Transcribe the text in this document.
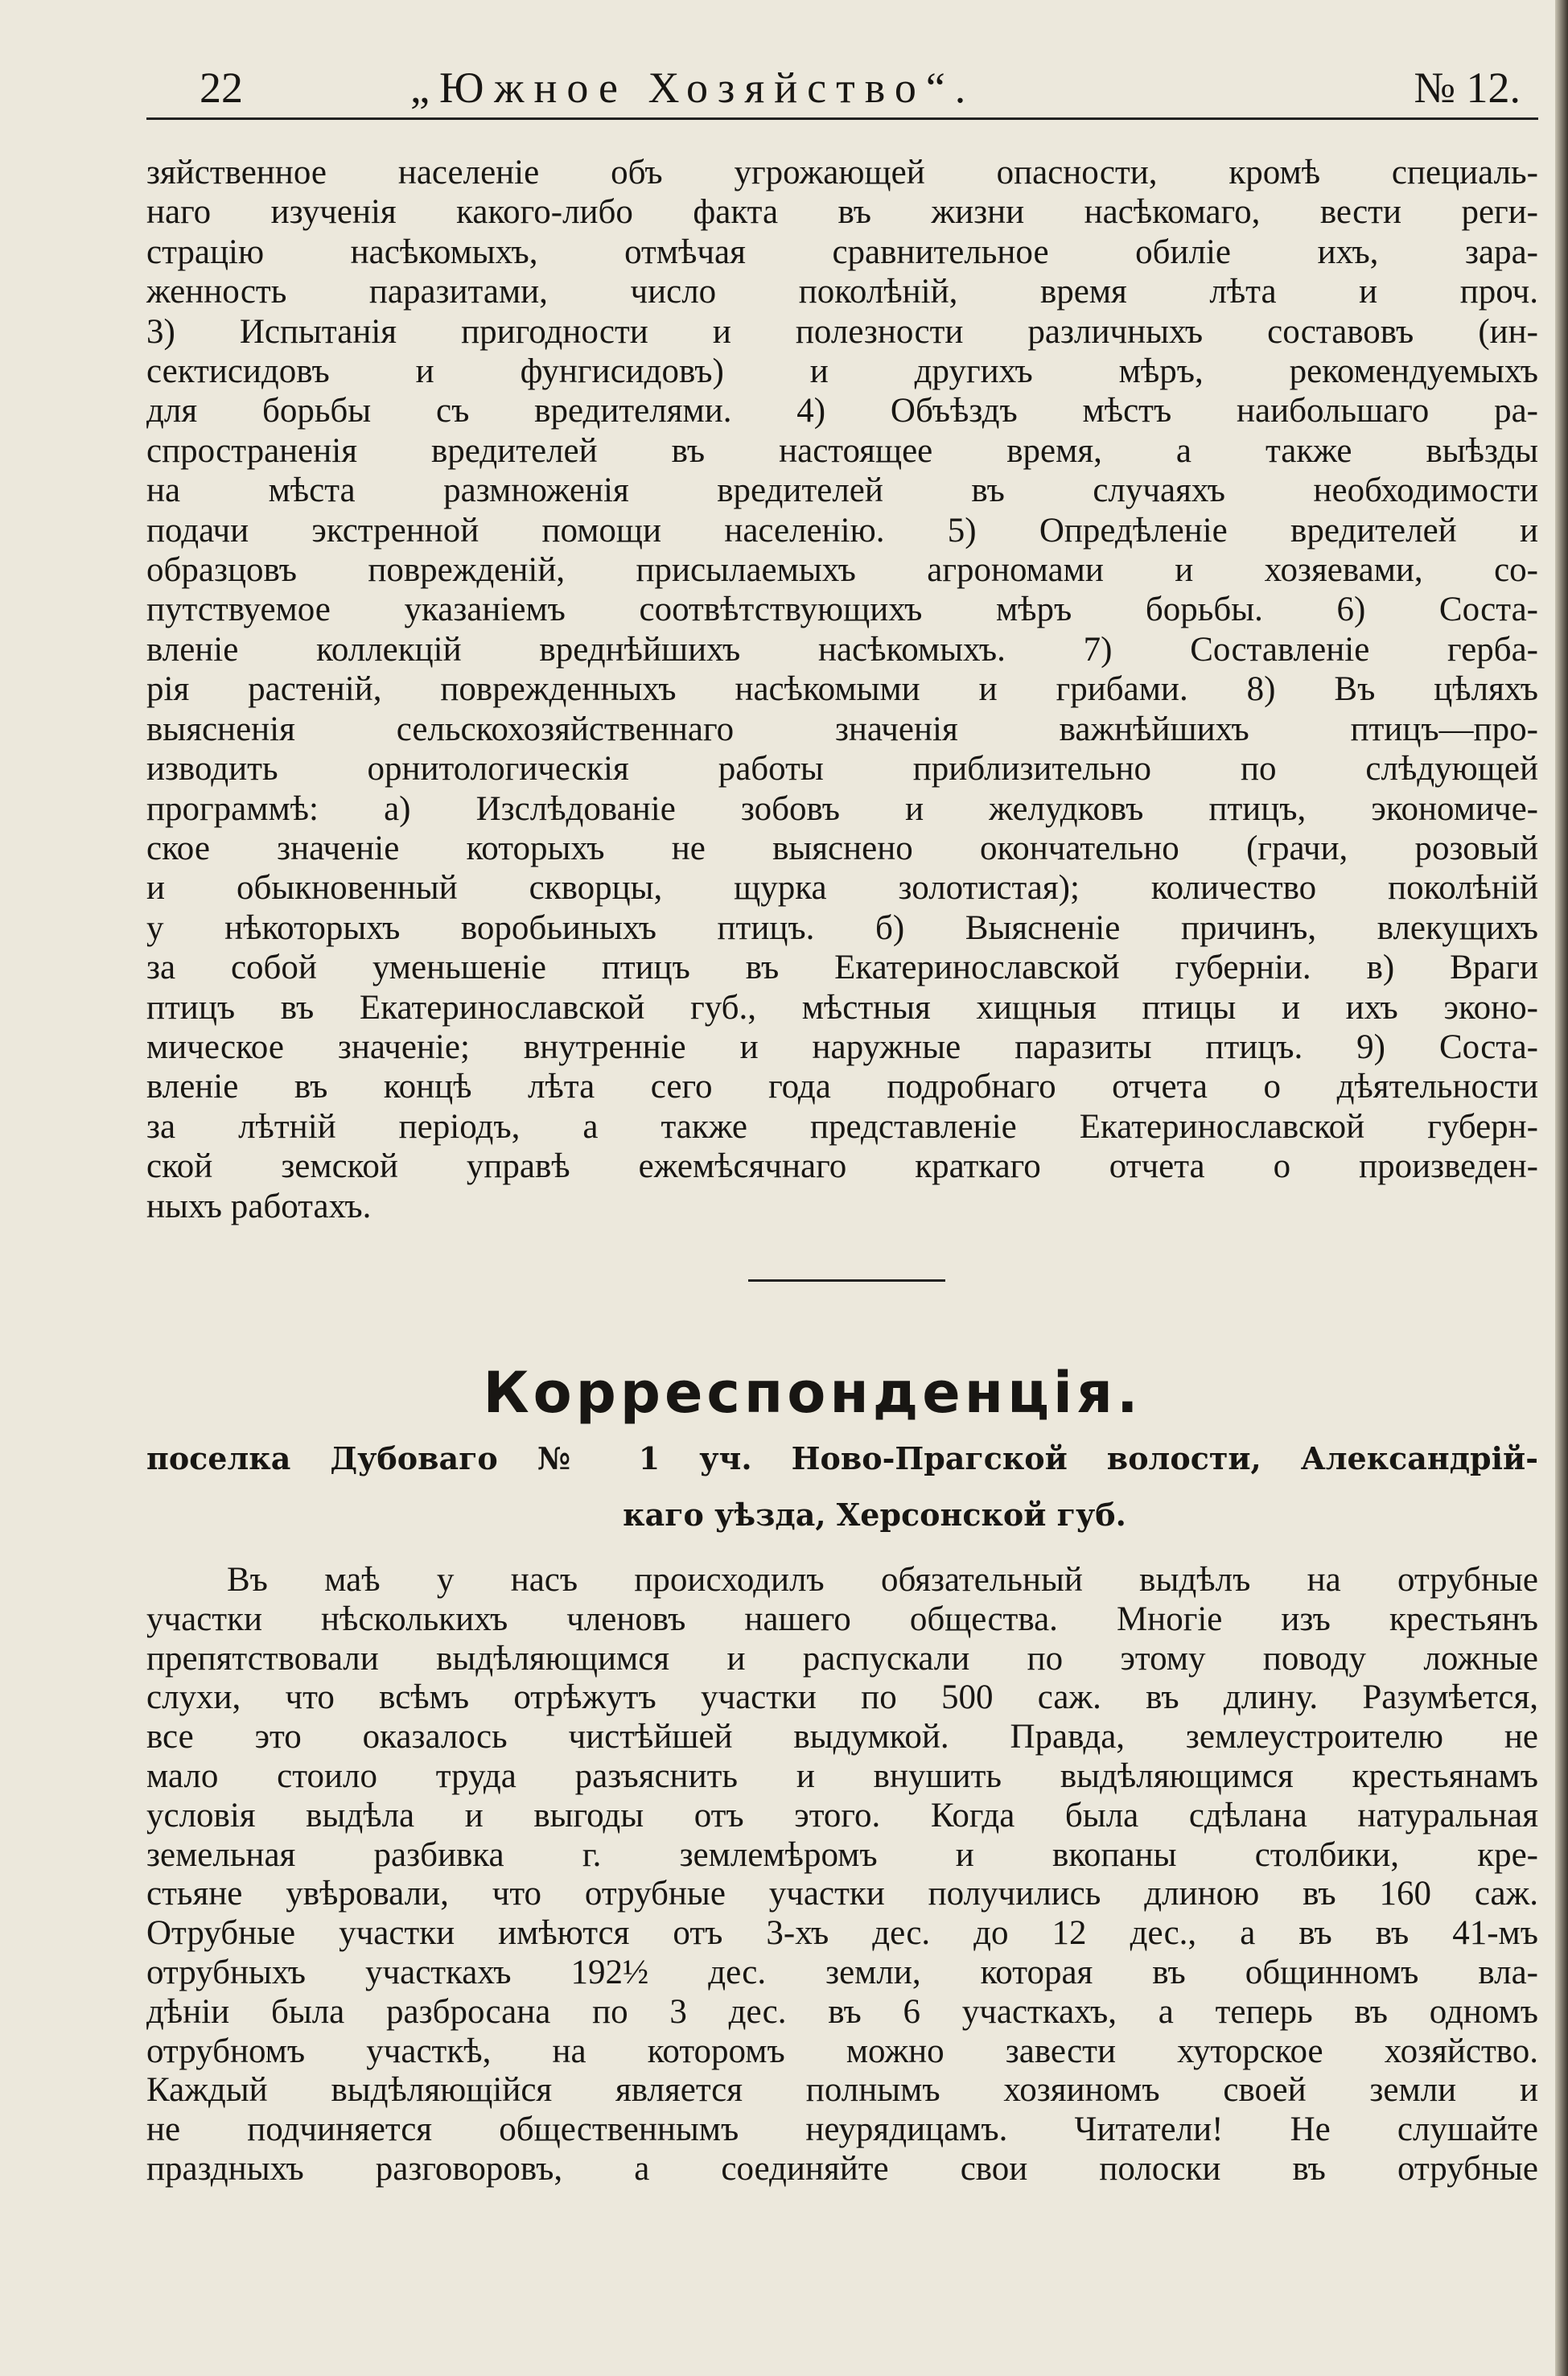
22	„Южное Хозяйство“.	№ 12.
зяйственное населеніе объ угрожающей опасности, кромѣ специаль-
наго изученія какого-либо факта въ жизни насѣкомаго, вести реги-
страцію насѣкомыхъ, отмѣчая сравнительное обиліе ихъ, зара-
женность паразитами, число поколѣній, время лѣта и проч.
3) Испытанія пригодности и полезности различныхъ составовъ (ин-
сектисидовъ и фунгисидовъ) и другихъ мѣръ, рекомендуемыхъ
для борьбы съ вредителями. 4) Объѣздъ мѣстъ наибольшаго ра-
спространенія вредителей въ настоящее время, а также выѣзды
на мѣста размноженія вредителей въ случаяхъ необходимости
подачи экстренной помощи населенію. 5) Опредѣленіе вредителей и
образцовъ поврежденій, присылаемыхъ агрономами и хозяевами, со-
путствуемое указаніемъ соотвѣтствующихъ мѣръ борьбы. 6) Соста-
вленіе коллекцій вреднѣйшихъ насѣкомыхъ. 7) Составленіе герба-
рія растеній, поврежденныхъ насѣкомыми и грибами. 8) Въ цѣляхъ
выясненія сельскохозяйственнаго значенія важнѣйшихъ птицъ—про-
изводить орнитологическія работы приблизительно по слѣдующей
программѣ: а) Изслѣдованіе зобовъ и желудковъ птицъ, экономиче-
ское значеніе которыхъ не выяснено окончательно (грачи, розовый
и обыкновенный скворцы, щурка золотистая); количество поколѣній
у нѣкоторыхъ воробьиныхъ птицъ. б) Выясненіе причинъ, влекущихъ
за собой уменьшеніе птицъ въ Екатеринославской губерніи. в) Враги
птицъ въ Екатеринославской губ., мѣстныя хищныя птицы и ихъ эконо-
мическое значеніе; внутренніе и наружные паразиты птицъ. 9) Соста-
вленіе въ концѣ лѣта сего года подробнаго отчета о дѣятельности
за лѣтній періодъ, а также представленіе Екатеринославской губерн-
ской земской управѣ ежемѣсячнаго краткаго отчета о произведен-
ныхъ работахъ.
Корреспонденція.
поселка Дубоваго № 1 уч. Ново-Прагской волости, Александрій-
каго уѣзда, Херсонской губ.
Въ маѣ у насъ происходилъ обязательный выдѣлъ на отрубные
участки нѣсколькихъ членовъ нашего общества. Многіе изъ крестьянъ
препятствовали выдѣляющимся и распускали по этому поводу ложные
слухи, что всѣмъ отрѣжутъ участки по 500 саж. въ длину. Разумѣется,
все это оказалось чистѣйшей выдумкой. Правда, землеустроителю не
мало стоило труда разъяснить и внушить выдѣляющимся крестьянамъ
условія выдѣла и выгоды отъ этого. Когда была сдѣлана натуральная
земельная разбивка г. землемѣромъ и вкопаны столбики, кре-
стьяне увѣровали, что отрубные участки получились длиною въ 160 саж.
Отрубные участки имѣются отъ 3-хъ дес. до 12 дес., а въ въ 41-мъ
отрубныхъ участкахъ 192½ дес. земли, которая въ общинномъ вла-
дѣніи была разбросана по 3 дес. въ 6 участкахъ, а теперь въ одномъ
отрубномъ участкѣ, на которомъ можно завести хуторское хозяйство.
Каждый выдѣляющійся является полнымъ хозяиномъ своей земли и
не подчиняется общественнымъ неурядицамъ. Читатели! Не слушайте
праздныхъ разговоровъ, а соединяйте свои полоски въ отрубные
